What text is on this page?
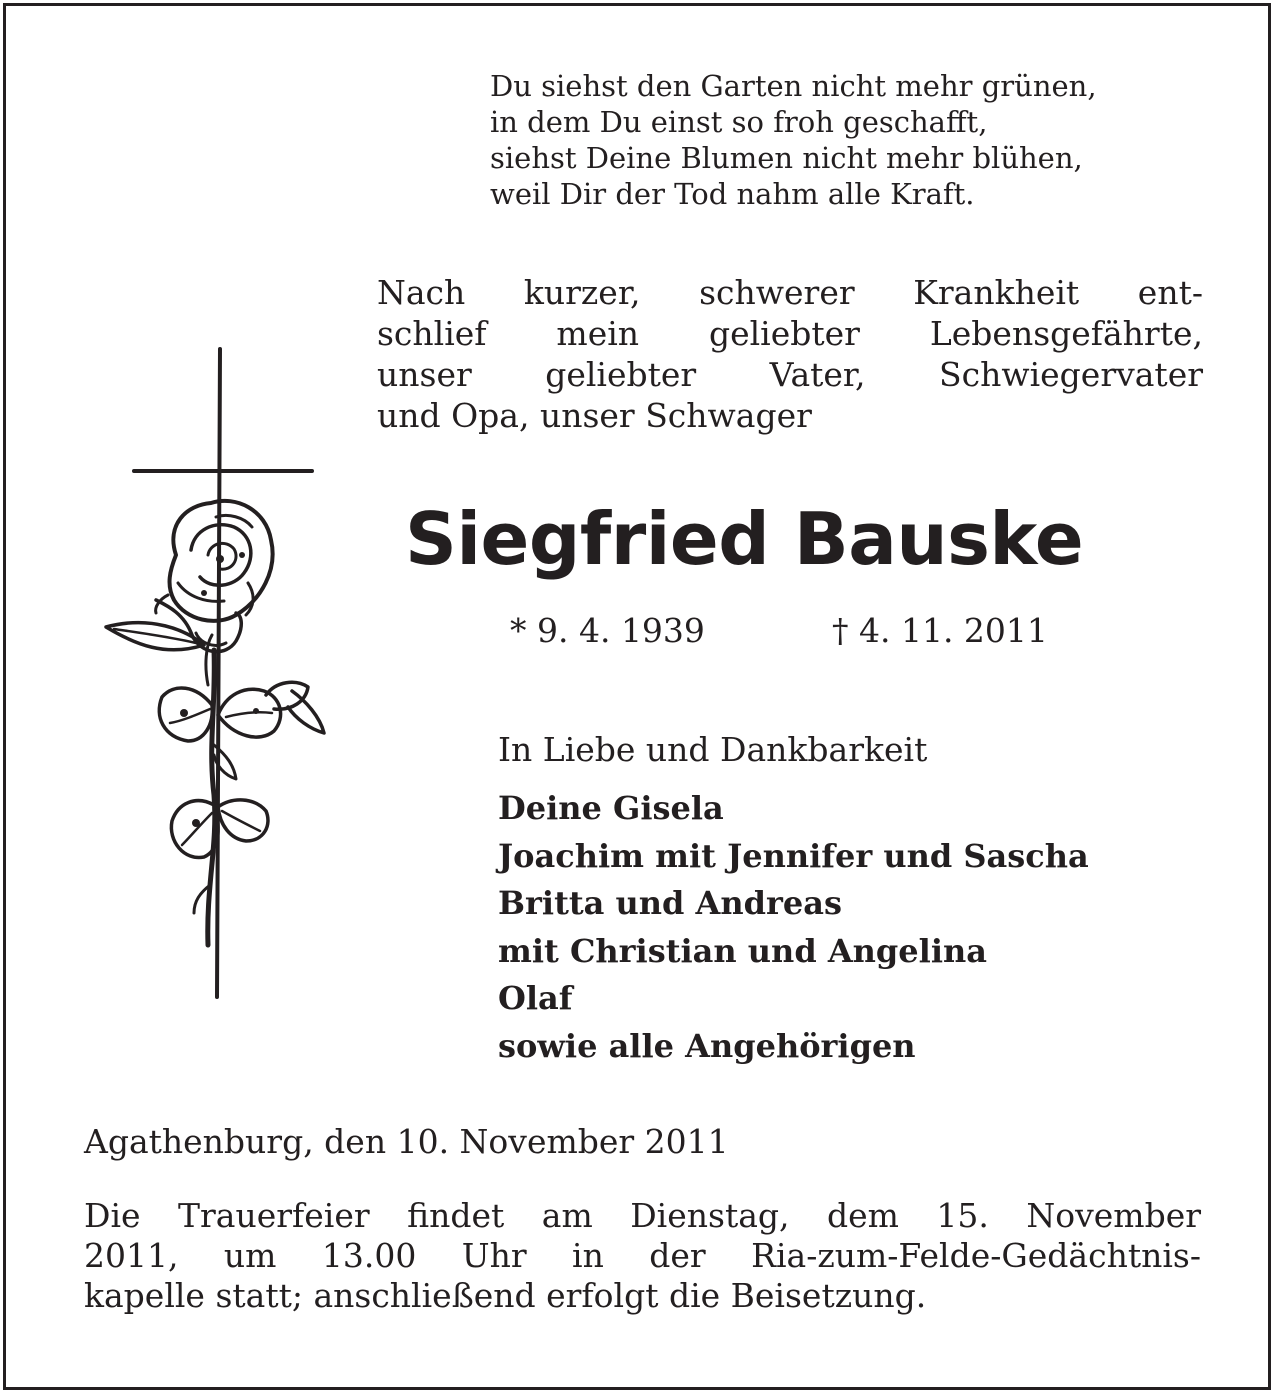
Du siehst den Garten nicht mehr grünen,
in dem Du einst so froh geschafft,
siehst Deine Blumen nicht mehr blühen,
weil Dir der Tod nahm alle Kraft.
Nach kurzer, schwerer Krankheit ent-
schlief mein geliebter Lebensgefährte,
unser geliebter Vater, Schwiegervater
und Opa, unser Schwager
Siegfried Bauske
* 9. 4. 1939	† 4. 11. 2011
In Liebe und Dankbarkeit
Deine Gisela
Joachim mit Jennifer und Sascha
Britta und Andreas
mit Christian und Angelina
Olaf
sowie alle Angehörigen
Agathenburg, den 10. November 2011
Die Trauerfeier findet am Dienstag, dem 15. November
2011, um 13.00 Uhr in der Ria-zum-Felde-Gedächtnis-
kapelle statt; anschließend erfolgt die Beisetzung.
